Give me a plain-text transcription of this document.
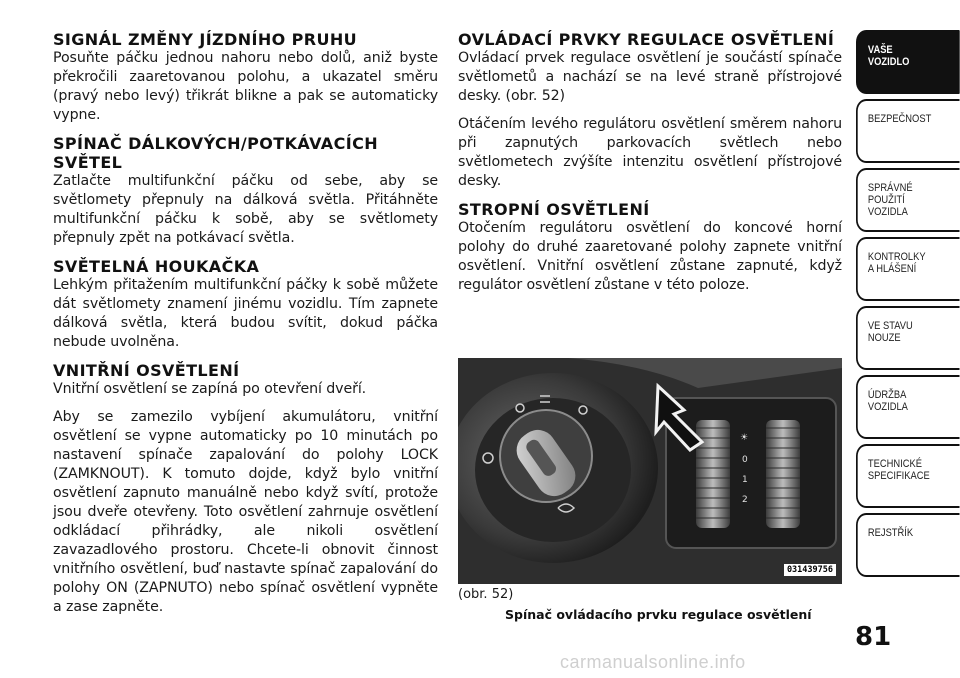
SIGNÁL ZMĚNY JÍZDNÍHO PRUHU

Posuňte páčku jednou nahoru nebo dolů, aniž byste překročili zaaretovanou polohu, a ukazatel směru (pravý nebo levý) třikrát blikne a pak se automaticky vypne.

SPÍNAČ DÁLKOVÝCH/POTKÁVACÍCH SVĚTEL

Zatlačte multifunkční páčku od sebe, aby se světlomety přepnuly na dálková světla. Přitáhněte multifunkční páčku k sobě, aby se světlomety přepnuly zpět na potkávací světla.

SVĚTELNÁ HOUKAČKA

Lehkým přitažením multifunkční páčky k sobě můžete dát světlomety znamení jinému vozidlu. Tím zapnete dálková světla, která budou svítit, dokud páčka nebude uvolněna.

VNITŘNÍ OSVĚTLENÍ

Vnitřní osvětlení se zapíná po otevření dveří.

Aby se zamezilo vybíjení akumulátoru, vnitřní osvětlení se vypne automaticky po 10 minutách po nastavení spínače zapalování do polohy LOCK (ZAMKNOUT). K tomuto dojde, když bylo vnitřní osvětlení zapnuto manuálně nebo když svítí, protože jsou dveře otevřeny. Toto osvětlení zahrnuje osvětlení odkládací přihrádky, ale nikoli osvětlení zavazadlového prostoru. Chcete-li obnovit činnost vnitřního osvětlení, buď nastavte spínač zapalování do polohy ON (ZAPNUTO) nebo spínač osvětlení vypněte a zase zapněte.

OVLÁDACÍ PRVKY REGULACE OSVĚTLENÍ

Ovládací prvek regulace osvětlení je součástí spínače světlometů a nachází se na levé straně přístrojové desky. (obr. 52)

Otáčením levého regulátoru osvětlení směrem nahoru při zapnutých parkovacích světlech nebo světlometech zvýšíte intenzitu osvětlení přístrojové desky.

STROPNÍ OSVĚTLENÍ

Otočením regulátoru osvětlení do koncové horní polohy do druhé zaaretované polohy zapnete vnitřní osvětlení. Vnitřní osvětlení zůstane zapnuté, když regulátor osvětlení zůstane v této poloze.

☀
0
1
2
031439756
(obr. 52)
Spínač ovládacího prvku regulace osvětlení
VAŠE
VOZIDLO
BEZPEČNOST
SPRÁVNÉ
POUŽITÍ
VOZIDLA
KONTROLKY
A HLÁŠENÍ
VE STAVU
NOUZE
ÚDRŽBA
VOZIDLA
TECHNICKÉ
SPECIFIKACE
REJSTŘÍK
81
carmanualsonline.info
